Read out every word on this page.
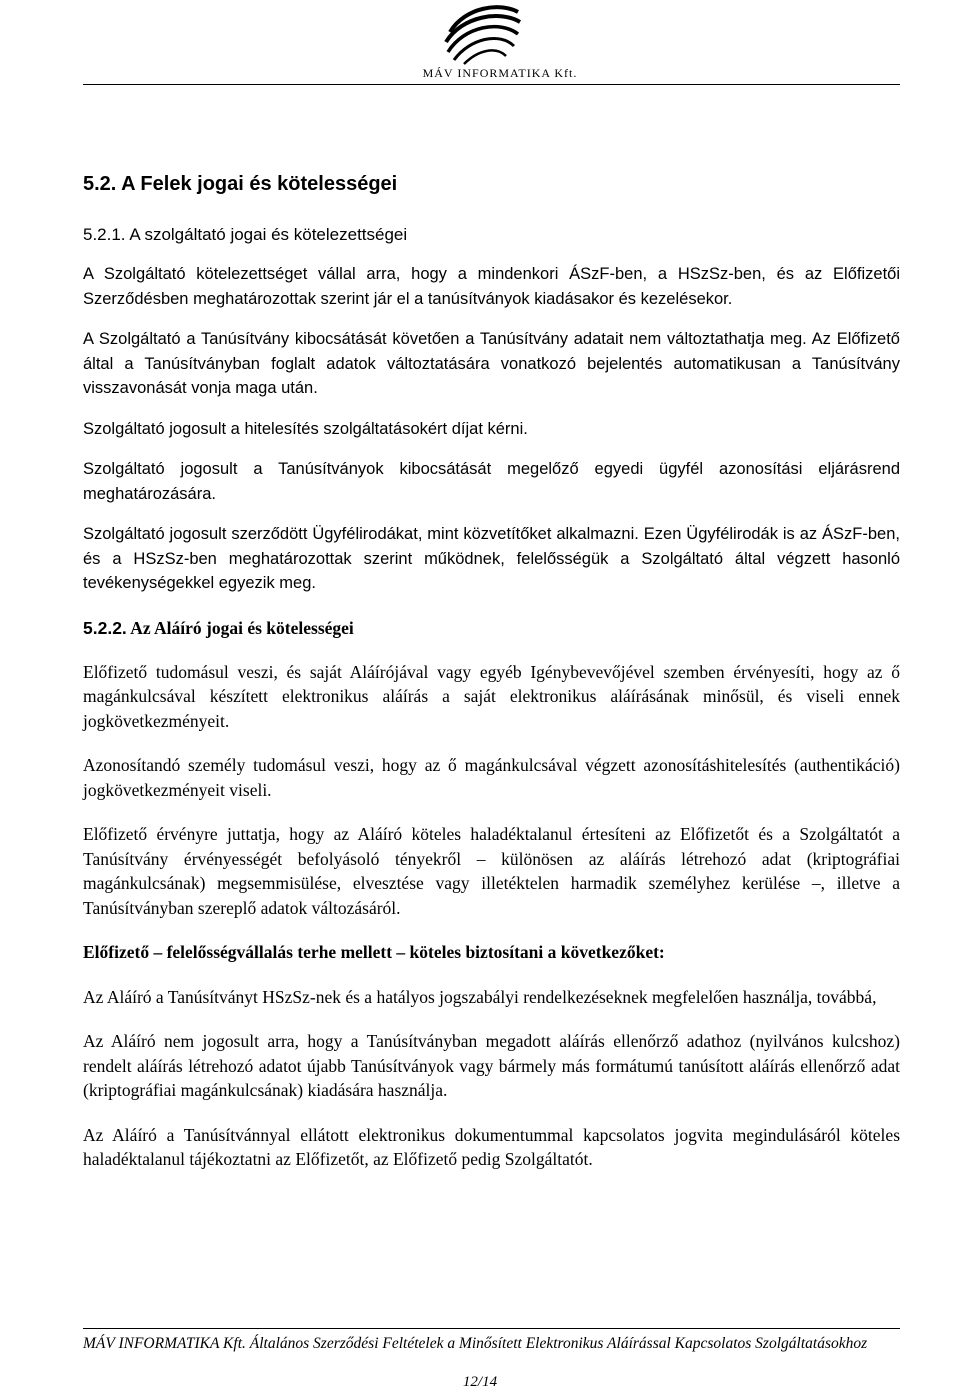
MÁV INFORMATIKA Kft.
5.2. A Felek jogai és kötelességei
5.2.1. A szolgáltató jogai és kötelezettségei

A Szolgáltató kötelezettséget vállal arra, hogy a mindenkori ÁSzF-ben, a HSzSz-ben, és az Előfizetői Szerződésben meghatározottak szerint jár el a tanúsítványok kiadásakor és kezelésekor.

A Szolgáltató a Tanúsítvány kibocsátását követően a Tanúsítvány adatait nem változtathatja meg. Az Előfizető által a Tanúsítványban foglalt adatok változtatására vonatkozó bejelentés automatikusan a Tanúsítvány visszavonását vonja maga után.

Szolgáltató jogosult a hitelesítés szolgáltatásokért díjat kérni.

Szolgáltató jogosult a Tanúsítványok kibocsátását megelőző egyedi ügyfél azonosítási eljárásrend meghatározására.

Szolgáltató jogosult szerződött Ügyfélirodákat, mint közvetítőket alkalmazni. Ezen Ügyfélirodák is az ÁSzF-ben, és a HSzSz-ben meghatározottak szerint működnek, felelősségük a Szolgáltató által végzett hasonló tevékenységekkel egyezik meg.

5.2.2. Az Aláíró jogai és kötelességei

Előfizető tudomásul veszi, és saját Aláírójával vagy egyéb Igénybevevőjével szemben érvényesíti, hogy az ő magánkulcsával készített elektronikus aláírás a saját elektronikus aláírásának minősül, és viseli ennek jogkövetkezményeit.

Azonosítandó személy tudomásul veszi, hogy az ő magánkulcsával végzett azonosításhitelesítés (authentikáció) jogkövetkezményeit viseli.

Előfizető érvényre juttatja, hogy az Aláíró köteles haladéktalanul értesíteni az Előfizetőt és a Szolgáltatót a Tanúsítvány érvényességét befolyásoló tényekről – különösen az aláírás létrehozó adat (kriptográfiai magánkulcsának) megsemmisülése, elvesztése vagy illetéktelen harmadik személyhez kerülése –, illetve a Tanúsítványban szereplő adatok változásáról.

Előfizető – felelősségvállalás terhe mellett – köteles biztosítani a következőket:

Az Aláíró a Tanúsítványt HSzSz-nek és a hatályos jogszabályi rendelkezéseknek megfelelően használja, továbbá,

Az Aláíró nem jogosult arra, hogy a Tanúsítványban megadott aláírás ellenőrző adathoz (nyilvános kulcshoz) rendelt aláírás létrehozó adatot újabb Tanúsítványok vagy bármely más formátumú tanúsított aláírás ellenőrző adat (kriptográfiai magánkulcsának) kiadására használja.

Az Aláíró a Tanúsítvánnyal ellátott elektronikus dokumentummal kapcsolatos jogvita megindulásáról köteles haladéktalanul tájékoztatni az Előfizetőt, az Előfizető pedig Szolgáltatót.

MÁV INFORMATIKA Kft. Általános Szerződési Feltételek a Minősített Elektronikus Aláírással Kapcsolatos Szolgáltatásokhoz
12/14
